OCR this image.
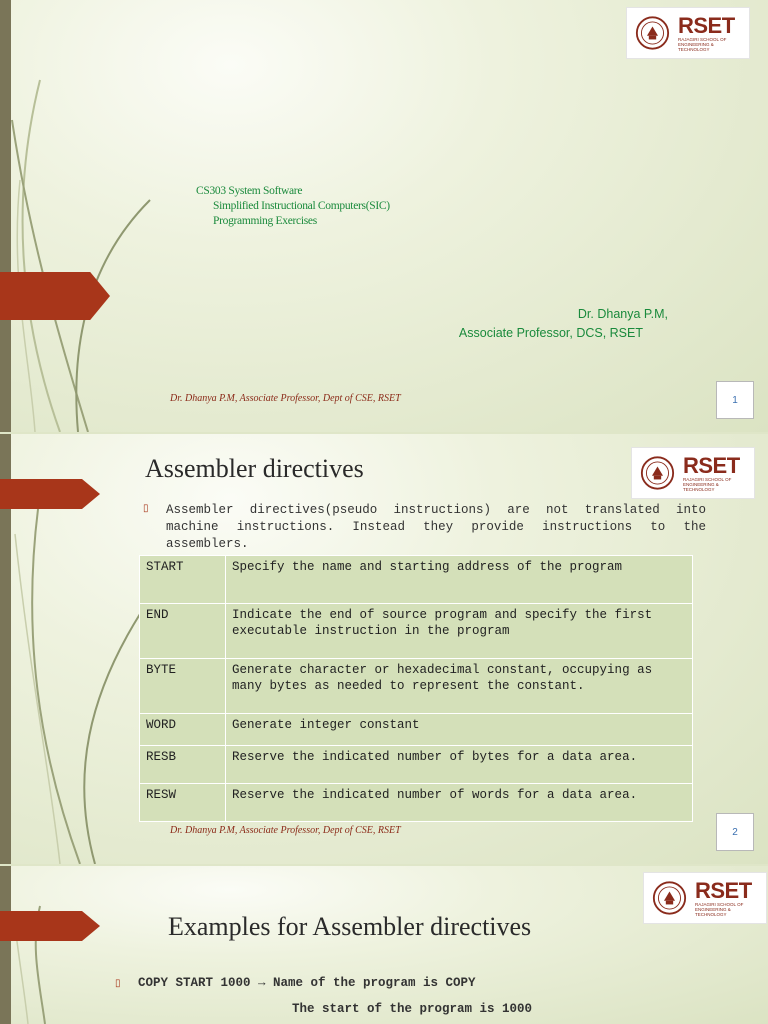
RSET
RAJAGIRI SCHOOL OF
ENGINEERING & TECHNOLOGY
CS303 System Software
Simplified Instructional Computers(SIC)
Programming Exercises
Dr. Dhanya P.M,
Associate Professor, DCS, RSET
Dr. Dhanya P.M, Associate Professor, Dept of CSE, RSET	1
Assembler directives	RSET
RAJAGIRI SCHOOL OF
ENGINEERING & TECHNOLOGY
▯ Assembler directives(pseudo instructions) are not translated into machine instructions. Instead they provide instructions to the assemblers.
START	Specify the name and starting address of the program
END	Indicate the end of source program and specify the first executable instruction in the program
BYTE	Generate character or hexadecimal constant, occupying as many bytes as needed to represent the constant.
WORD	Generate integer constant
RESB	Reserve the indicated number of bytes for a data area.
RESW	Reserve the indicated number of words for a data area.
Dr. Dhanya P.M, Associate Professor, Dept of CSE, RSET	2
RSET
RAJAGIRI SCHOOL OF
ENGINEERING & TECHNOLOGY
Examples for Assembler directives
▯ COPY START 1000 → Name of the program is COPY
The start of the program is 1000
